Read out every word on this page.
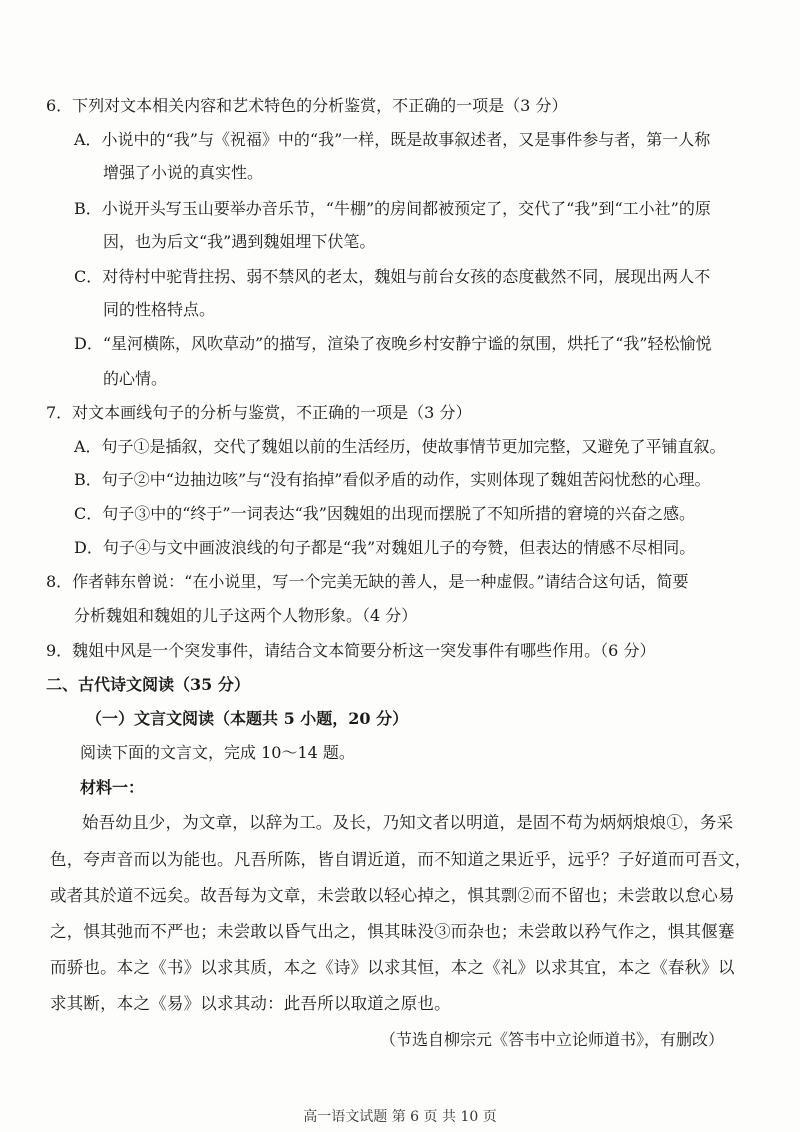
6．下列对文本相关内容和艺术特色的分析鉴赏，不正确的一项是（3 分）
A．小说中的“我”与《祝福》中的“我”一样，既是故事叙述者，又是事件参与者，第一人称
增强了小说的真实性。
B．小说开头写玉山要举办音乐节，“牛棚”的房间都被预定了，交代了“我”到“工小社”的原
因，也为后文“我”遇到魏姐埋下伏笔。
C．对待村中驼背拄拐、弱不禁风的老太，魏姐与前台女孩的态度截然不同，展现出两人不
同的性格特点。
D．“星河横陈，风吹草动”的描写，渲染了夜晚乡村安静宁谧的氛围，烘托了“我”轻松愉悦
的心情。
7．对文本画线句子的分析与鉴赏，不正确的一项是（3 分）
A．句子①是插叙，交代了魏姐以前的生活经历，使故事情节更加完整，又避免了平铺直叙。
B．句子②中“边抽边咳”与“没有掐掉”看似矛盾的动作，实则体现了魏姐苦闷忧愁的心理。
C．句子③中的“终于”一词表达“我”因魏姐的出现而摆脱了不知所措的窘境的兴奋之感。
D．句子④与文中画波浪线的句子都是“我”对魏姐儿子的夸赞，但表达的情感不尽相同。
8．作者韩东曾说：“在小说里，写一个完美无缺的善人，是一种虚假。”请结合这句话，简要
分析魏姐和魏姐的儿子这两个人物形象。（4 分）
9．魏姐中风是一个突发事件，请结合文本简要分析这一突发事件有哪些作用。（6 分）
二、古代诗文阅读（35 分）
（一）文言文阅读（本题共 5 小题，20 分）
阅读下面的文言文，完成 10～14 题。
材料一：
始吾幼且少，为文章，以辞为工。及长，乃知文者以明道，是固不苟为炳炳烺烺①，务采
色，夸声音而以为能也。凡吾所陈，皆自谓近道，而不知道之果近乎，远乎？子好道而可吾文，
或者其於道不远矣。故吾每为文章，未尝敢以轻心掉之，惧其剽②而不留也；未尝敢以怠心易
之，惧其弛而不严也；未尝敢以昏气出之，惧其昧没③而杂也；未尝敢以矜气作之，惧其偃蹇
而骄也。本之《书》以求其质，本之《诗》以求其恒，本之《礼》以求其宜，本之《春秋》以
求其断，本之《易》以求其动：此吾所以取道之原也。
（节选自柳宗元《答韦中立论师道书》，有删改）
高一语文试题 第 6 页 共 10 页
